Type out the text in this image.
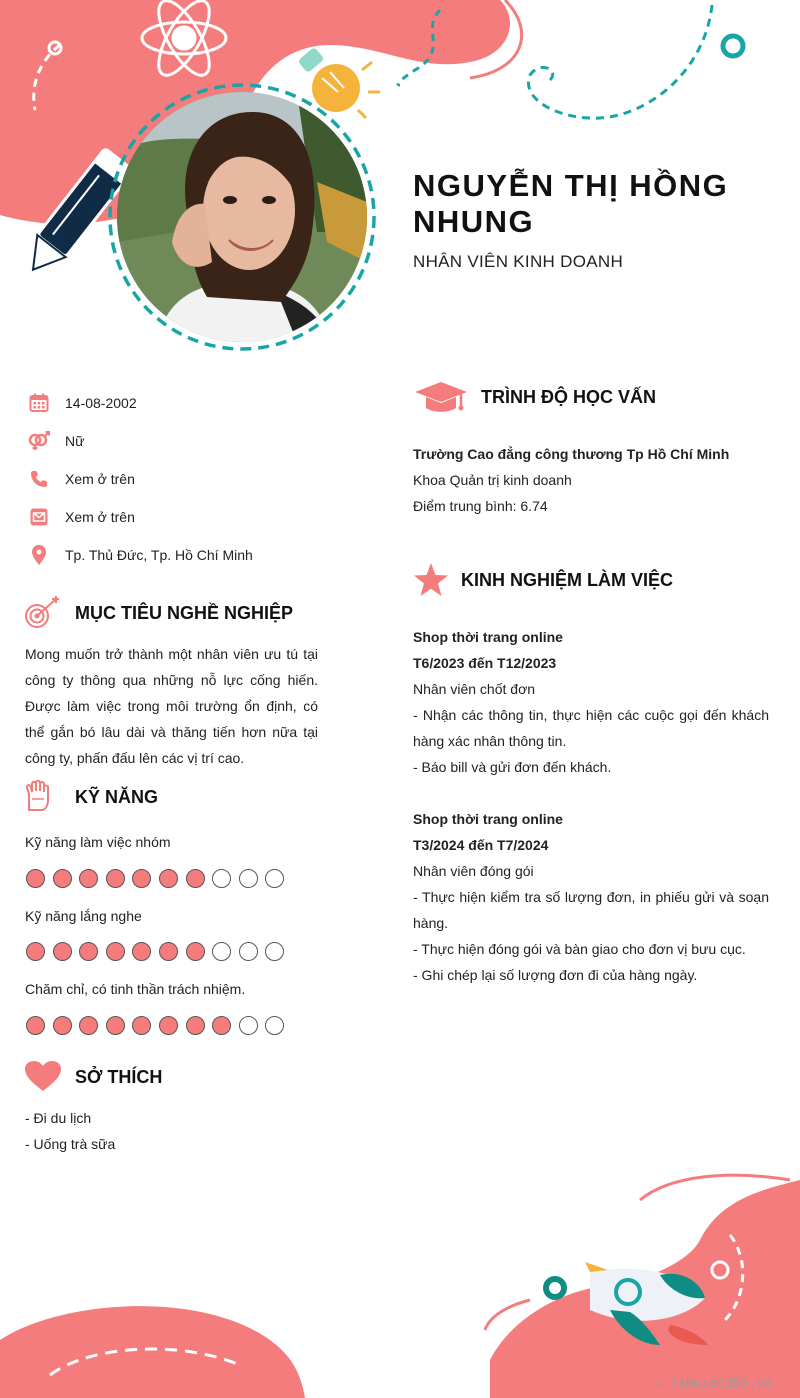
NGUYỄN THỊ HỒNG NHUNG
NHÂN VIÊN KINH DOANH
14-08-2002
Nữ
Xem ở trên
Xem ở trên
Tp. Thủ Đức, Tp. Hồ Chí Minh
MỤC TIÊU NGHỀ NGHIỆP
Mong muốn trở thành một nhân viên ưu tú tại công ty thông qua những nỗ lực cống hiến. Được làm việc trong môi trường ổn định, có thể gắn bó lâu dài và thăng tiến hơn nữa tại công ty, phấn đấu lên các vị trí cao.
KỸ NĂNG
Kỹ năng làm việc nhóm
Kỹ năng lắng nghe
Chăm chỉ, có tinh thần trách nhiệm.
SỞ THÍCH
- Đi du lịch
- Uống trà sữa
TRÌNH ĐỘ HỌC VẤN
Trường Cao đẳng công thương Tp Hồ Chí Minh
Khoa Quản trị kinh doanh
Điểm trung bình: 6.74
KINH NGHIỆM LÀM VIỆC
Shop thời trang online
T6/2023 đến T12/2023
Nhân viên chốt đơn
- Nhận các thông tin, thực hiện các cuộc gọi đến khách hàng xác nhân thông tin.
- Báo bill và gửi đơn đến khách.
Shop thời trang online
T3/2024 đến T7/2024
Nhân viên đóng gói
- Thực hiện kiểm tra số lượng đơn, in phiếu gửi và soạn hàng.
- Thực hiện đóng gói và bàn giao cho đơn vị bưu cục.
- Ghi chép lại số lượng đơn đi của hàng ngày.
∴ Timviec365.vn
